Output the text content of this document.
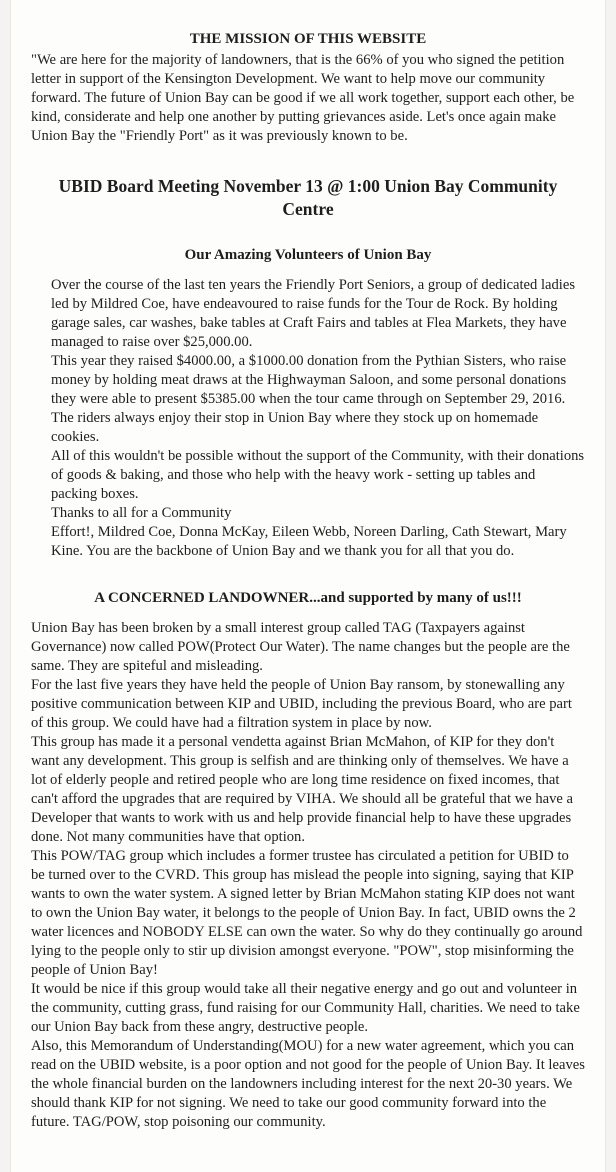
THE MISSION OF THIS WEBSITE

"We are here for the majority of landowners, that is the 66% of you who signed the petition letter in support of the Kensington Development. We want to help move our community forward. The future of Union Bay can be good if we all work together, support each other, be kind, considerate and help one another by putting grievances aside. Let's once again make Union Bay the "Friendly Port" as it was previously known to be.

UBID Board Meeting November 13 @ 1:00 Union Bay Community Centre
Our Amazing Volunteers of Union Bay

Over the course of the last ten years the Friendly Port Seniors, a group of dedicated ladies led by Mildred Coe, have endeavoured to raise funds for the Tour de Rock. By holding garage sales, car washes, bake tables at Craft Fairs and tables at Flea Markets, they have managed to raise over $25,000.00.

This year they raised $4000.00, a $1000.00 donation from the Pythian Sisters, who raise money by holding meat draws at the Highwayman Saloon, and some personal donations they were able to present $5385.00 when the tour came through on September 29, 2016. The riders always enjoy their stop in Union Bay where they stock up on homemade cookies.

All of this wouldn't be possible without the support of the Community, with their donations of goods & baking, and those who help with the heavy work - setting up tables and packing boxes.

Thanks to all for a Community

Effort!, Mildred Coe, Donna McKay, Eileen Webb, Noreen Darling, Cath Stewart, Mary Kine. You are the backbone of Union Bay and we thank you for all that you do.

A CONCERNED LANDOWNER...and supported by many of us!!!

Union Bay has been broken by a small interest group called TAG (Taxpayers against Governance) now called POW(Protect Our Water). The name changes but the people are the same. They are spiteful and misleading.

For the last five years they have held the people of Union Bay ransom, by stonewalling any positive communication between KIP and UBID, including the previous Board, who are part of this group. We could have had a filtration system in place by now.

This group has made it a personal vendetta against Brian McMahon, of KIP for they don't want any development. This group is selfish and are thinking only of themselves. We have a lot of elderly people and retired people who are long time residence on fixed incomes, that can't afford the upgrades that are required by VIHA. We should all be grateful that we have a Developer that wants to work with us and help provide financial help to have these upgrades done. Not many communities have that option.

This POW/TAG group which includes a former trustee has circulated a petition for UBID to be turned over to the CVRD. This group has mislead the people into signing, saying that KIP wants to own the water system. A signed letter by Brian McMahon stating KIP does not want to own the Union Bay water, it belongs to the people of Union Bay. In fact, UBID owns the 2 water licences and NOBODY ELSE can own the water. So why do they continually go around lying to the people only to stir up division amongst everyone. "POW", stop misinforming the people of Union Bay!

It would be nice if this group would take all their negative energy and go out and volunteer in the community, cutting grass, fund raising for our Community Hall, charities. We need to take our Union Bay back from these angry, destructive people.

Also, this Memorandum of Understanding(MOU) for a new water agreement, which you can read on the UBID website, is a poor option and not good for the people of Union Bay. It leaves the whole financial burden on the landowners including interest for the next 20-30 years. We should thank KIP for not signing. We need to take our good community forward into the future. TAG/POW, stop poisoning our community.
